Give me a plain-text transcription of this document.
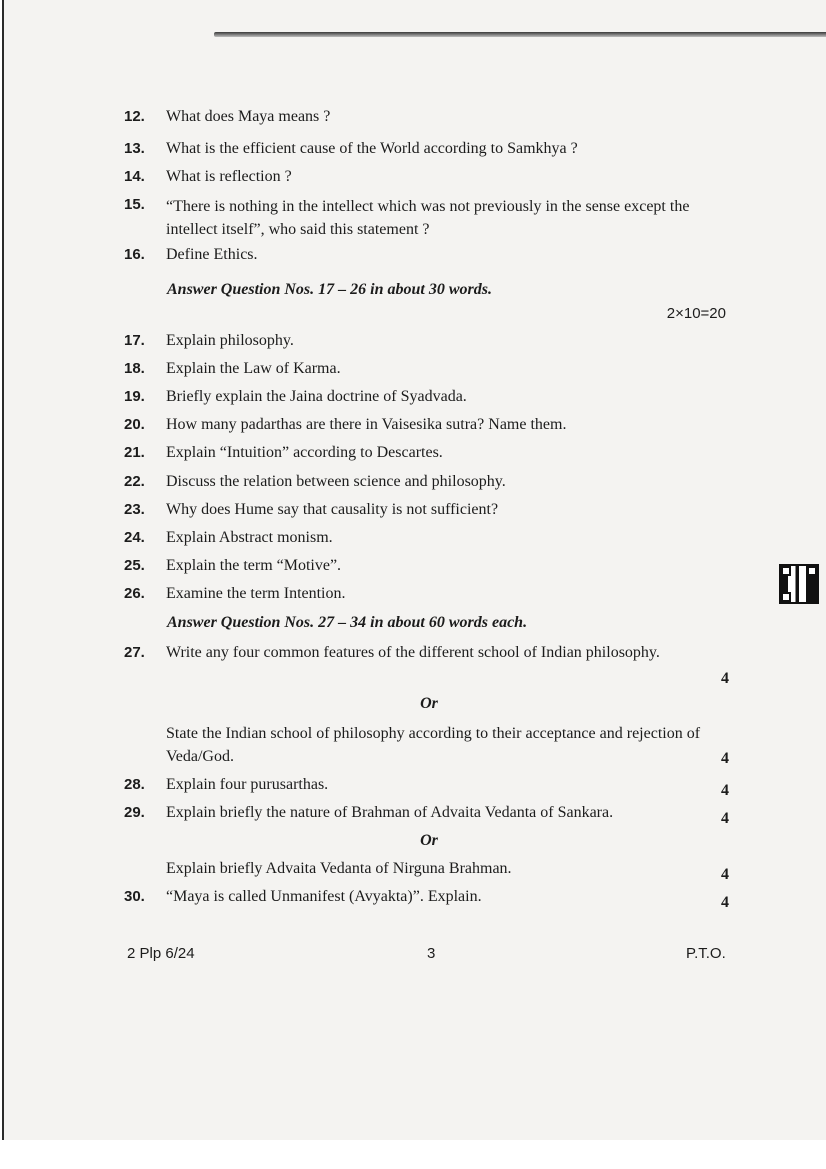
12.	What does Maya means ?
13.	What is the efficient cause of the World according to Samkhya ?
14.	What is reflection ?
15.	“There is nothing in the intellect which was not previously in the sense except the intellect itself”, who said this statement ?
16.	Define Ethics.
Answer Question Nos. 17 – 26 in about 30 words.
2×10=20
17.	Explain philosophy.
18.	Explain the Law of Karma.
19.	Briefly explain the Jaina doctrine of Syadvada.
20.	How many padarthas are there in Vaisesika sutra? Name them.
21.	Explain “Intuition” according to Descartes.
22.	Discuss the relation between science and philosophy.
23.	Why does Hume say that causality is not sufficient?
24.	Explain Abstract monism.
25.	Explain the term “Motive”.
26.	Examine the term Intention.
Answer Question Nos. 27 – 34 in about 60 words each.
27.	Write any four common features of the different school of Indian philosophy.
4
Or
State the Indian school of philosophy according to their acceptance and rejection of Veda/God.	4
28.	Explain four purusarthas.	4
29.	Explain briefly the nature of Brahman of Advaita Vedanta of Sankara.	4
Or
Explain briefly Advaita Vedanta of Nirguna Brahman.	4
30.	“Maya is called Unmanifest (Avyakta)”. Explain.	4
2 Plp 6/24	3	P.T.O.
